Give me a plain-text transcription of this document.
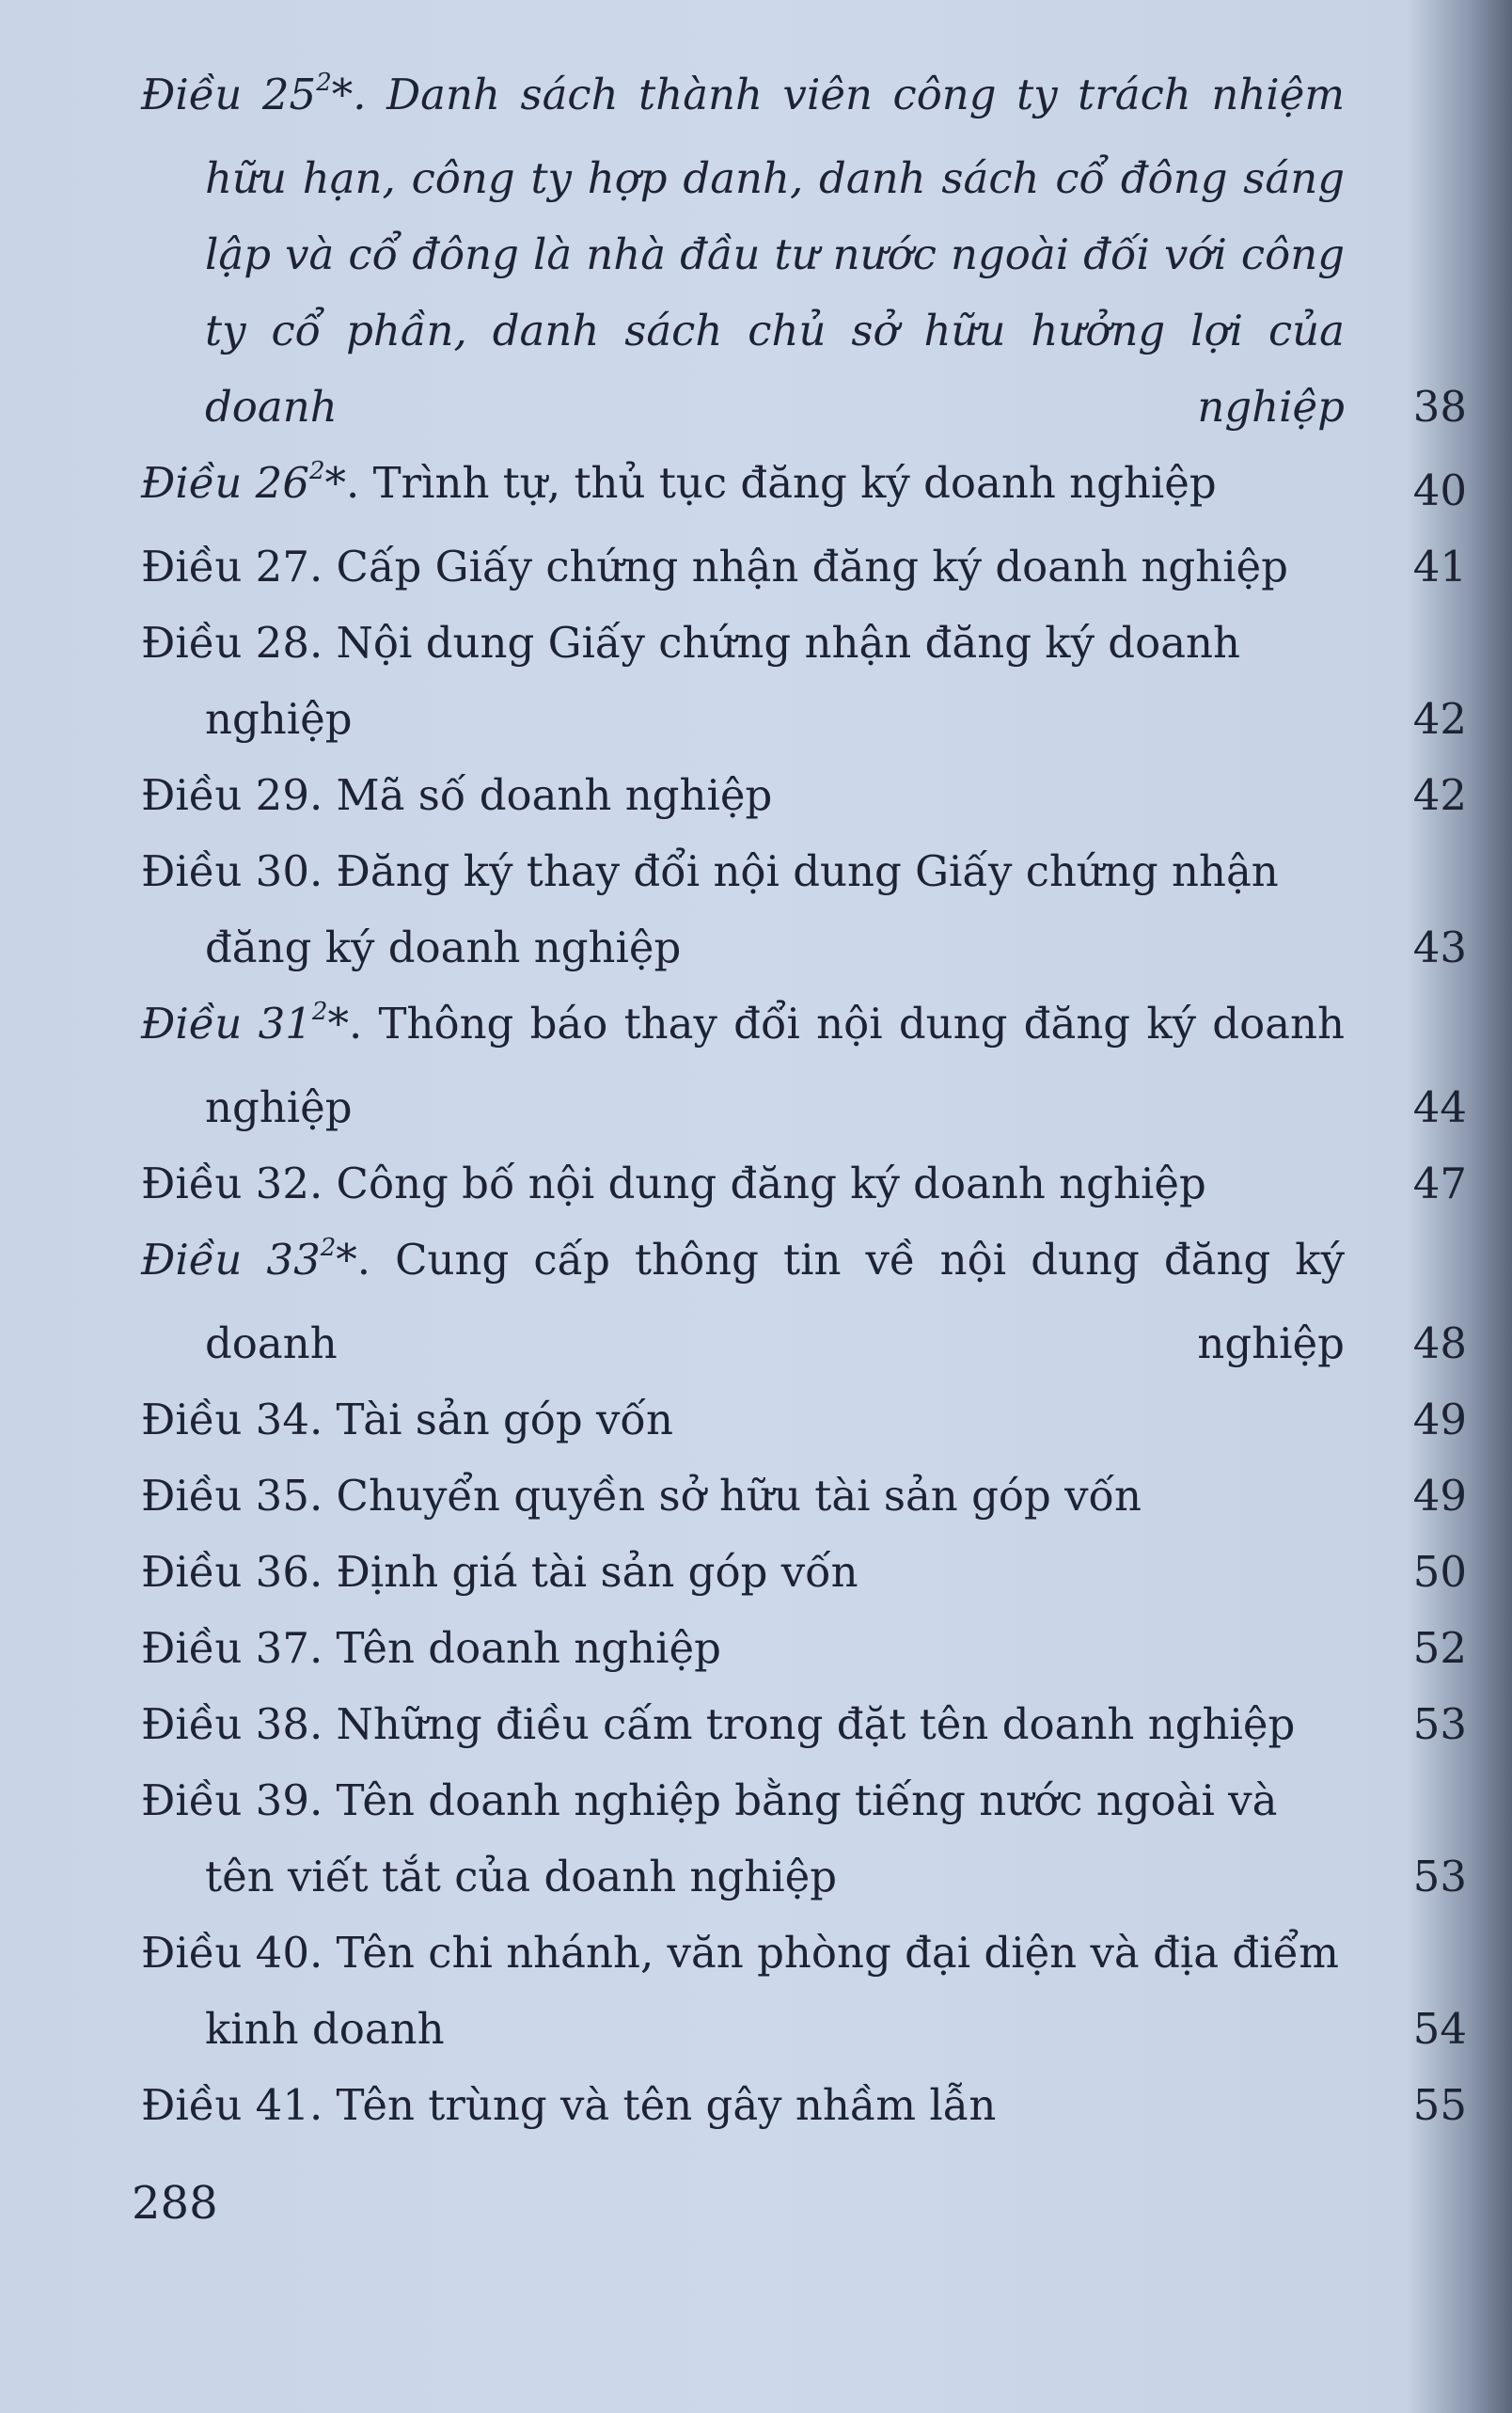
Điều $25^2*$. Danh sách thành viên công ty trách nhiệm hữu hạn, công ty hợp danh, danh sách cổ đông sáng lập và cổ đông là nhà đầu tư nước ngoài đối với công ty cổ phần, danh sách chủ sở hữu hưởng lợi của doanh nghiệp	38
Điều $26^2*$. Trình tự, thủ tục đăng ký doanh nghiệp	40
Điều 27. Cấp Giấy chứng nhận đăng ký doanh nghiệp	41
Điều 28. Nội dung Giấy chứng nhận đăng ký doanh nghiệp	42
Điều 29. Mã số doanh nghiệp	42
Điều 30. Đăng ký thay đổi nội dung Giấy chứng nhận đăng ký doanh nghiệp	43
Điều $31^2*$. Thông báo thay đổi nội dung đăng ký doanh nghiệp	44
Điều 32. Công bố nội dung đăng ký doanh nghiệp	47
Điều $33^2*$. Cung cấp thông tin về nội dung đăng ký doanh nghiệp	48
Điều 34. Tài sản góp vốn	49
Điều 35. Chuyển quyền sở hữu tài sản góp vốn	49
Điều 36. Định giá tài sản góp vốn	50
Điều 37. Tên doanh nghiệp	52
Điều 38. Những điều cấm trong đặt tên doanh nghiệp	53
Điều 39. Tên doanh nghiệp bằng tiếng nước ngoài và tên viết tắt của doanh nghiệp	53
Điều 40. Tên chi nhánh, văn phòng đại diện và địa điểm kinh doanh	54
Điều 41. Tên trùng và tên gây nhầm lẫn	55
288
